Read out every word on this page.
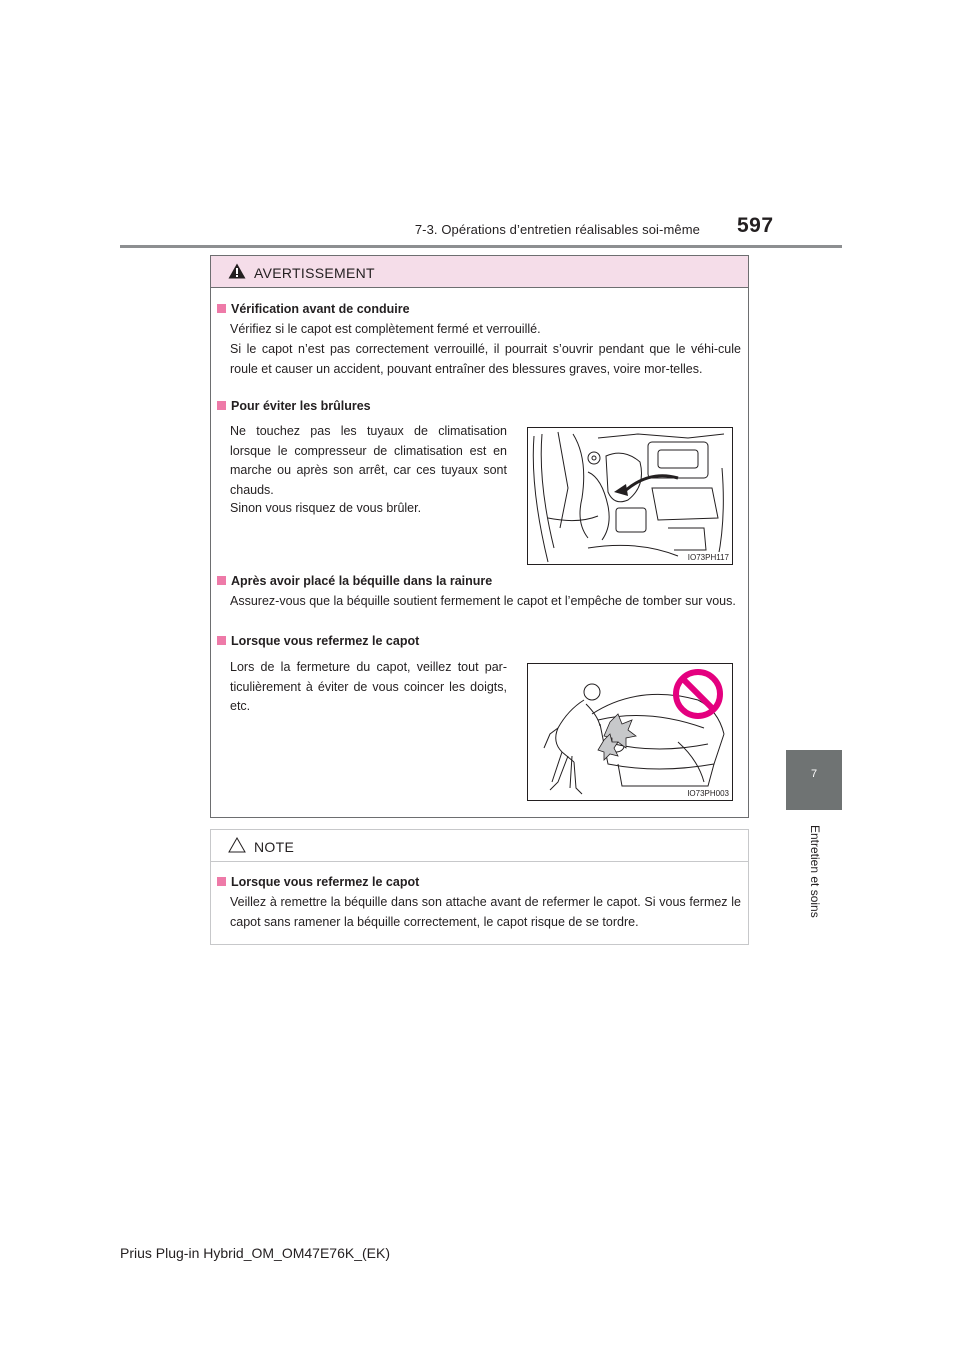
7-3. Opérations d’entretien réalisables soi-même 597
7
Entretien et soins
AVERTISSEMENT
Vérification avant de conduire
Vérifiez si le capot est complètement fermé et verrouillé.
Si le capot n’est pas correctement verrouillé, il pourrait s’ouvrir pendant que le véhi-cule roule et causer un accident, pouvant entraîner des blessures graves, voire mor-telles.
Pour éviter les brûlures
Ne touchez pas les tuyaux de climatisation lorsque le compresseur de climatisation est en marche ou après son arrêt, car ces tuyaux sont chauds.
Sinon vous risquez de vous brûler.
IO73PH117
Après avoir placé la béquille dans la rainure
Assurez-vous que la béquille soutient fermement le capot et l’empêche de tomber sur vous.
Lorsque vous refermez le capot
Lors de la fermeture du capot, veillez tout par-ticulièrement à éviter de vous coincer les doigts, etc.
IO73PH003
NOTE
Lorsque vous refermez le capot
Veillez à remettre la béquille dans son attache avant de refermer le capot. Si vous fermez le capot sans ramener la béquille correctement, le capot risque de se tordre.
Prius Plug-in Hybrid_OM_OM47E76K_(EK)
